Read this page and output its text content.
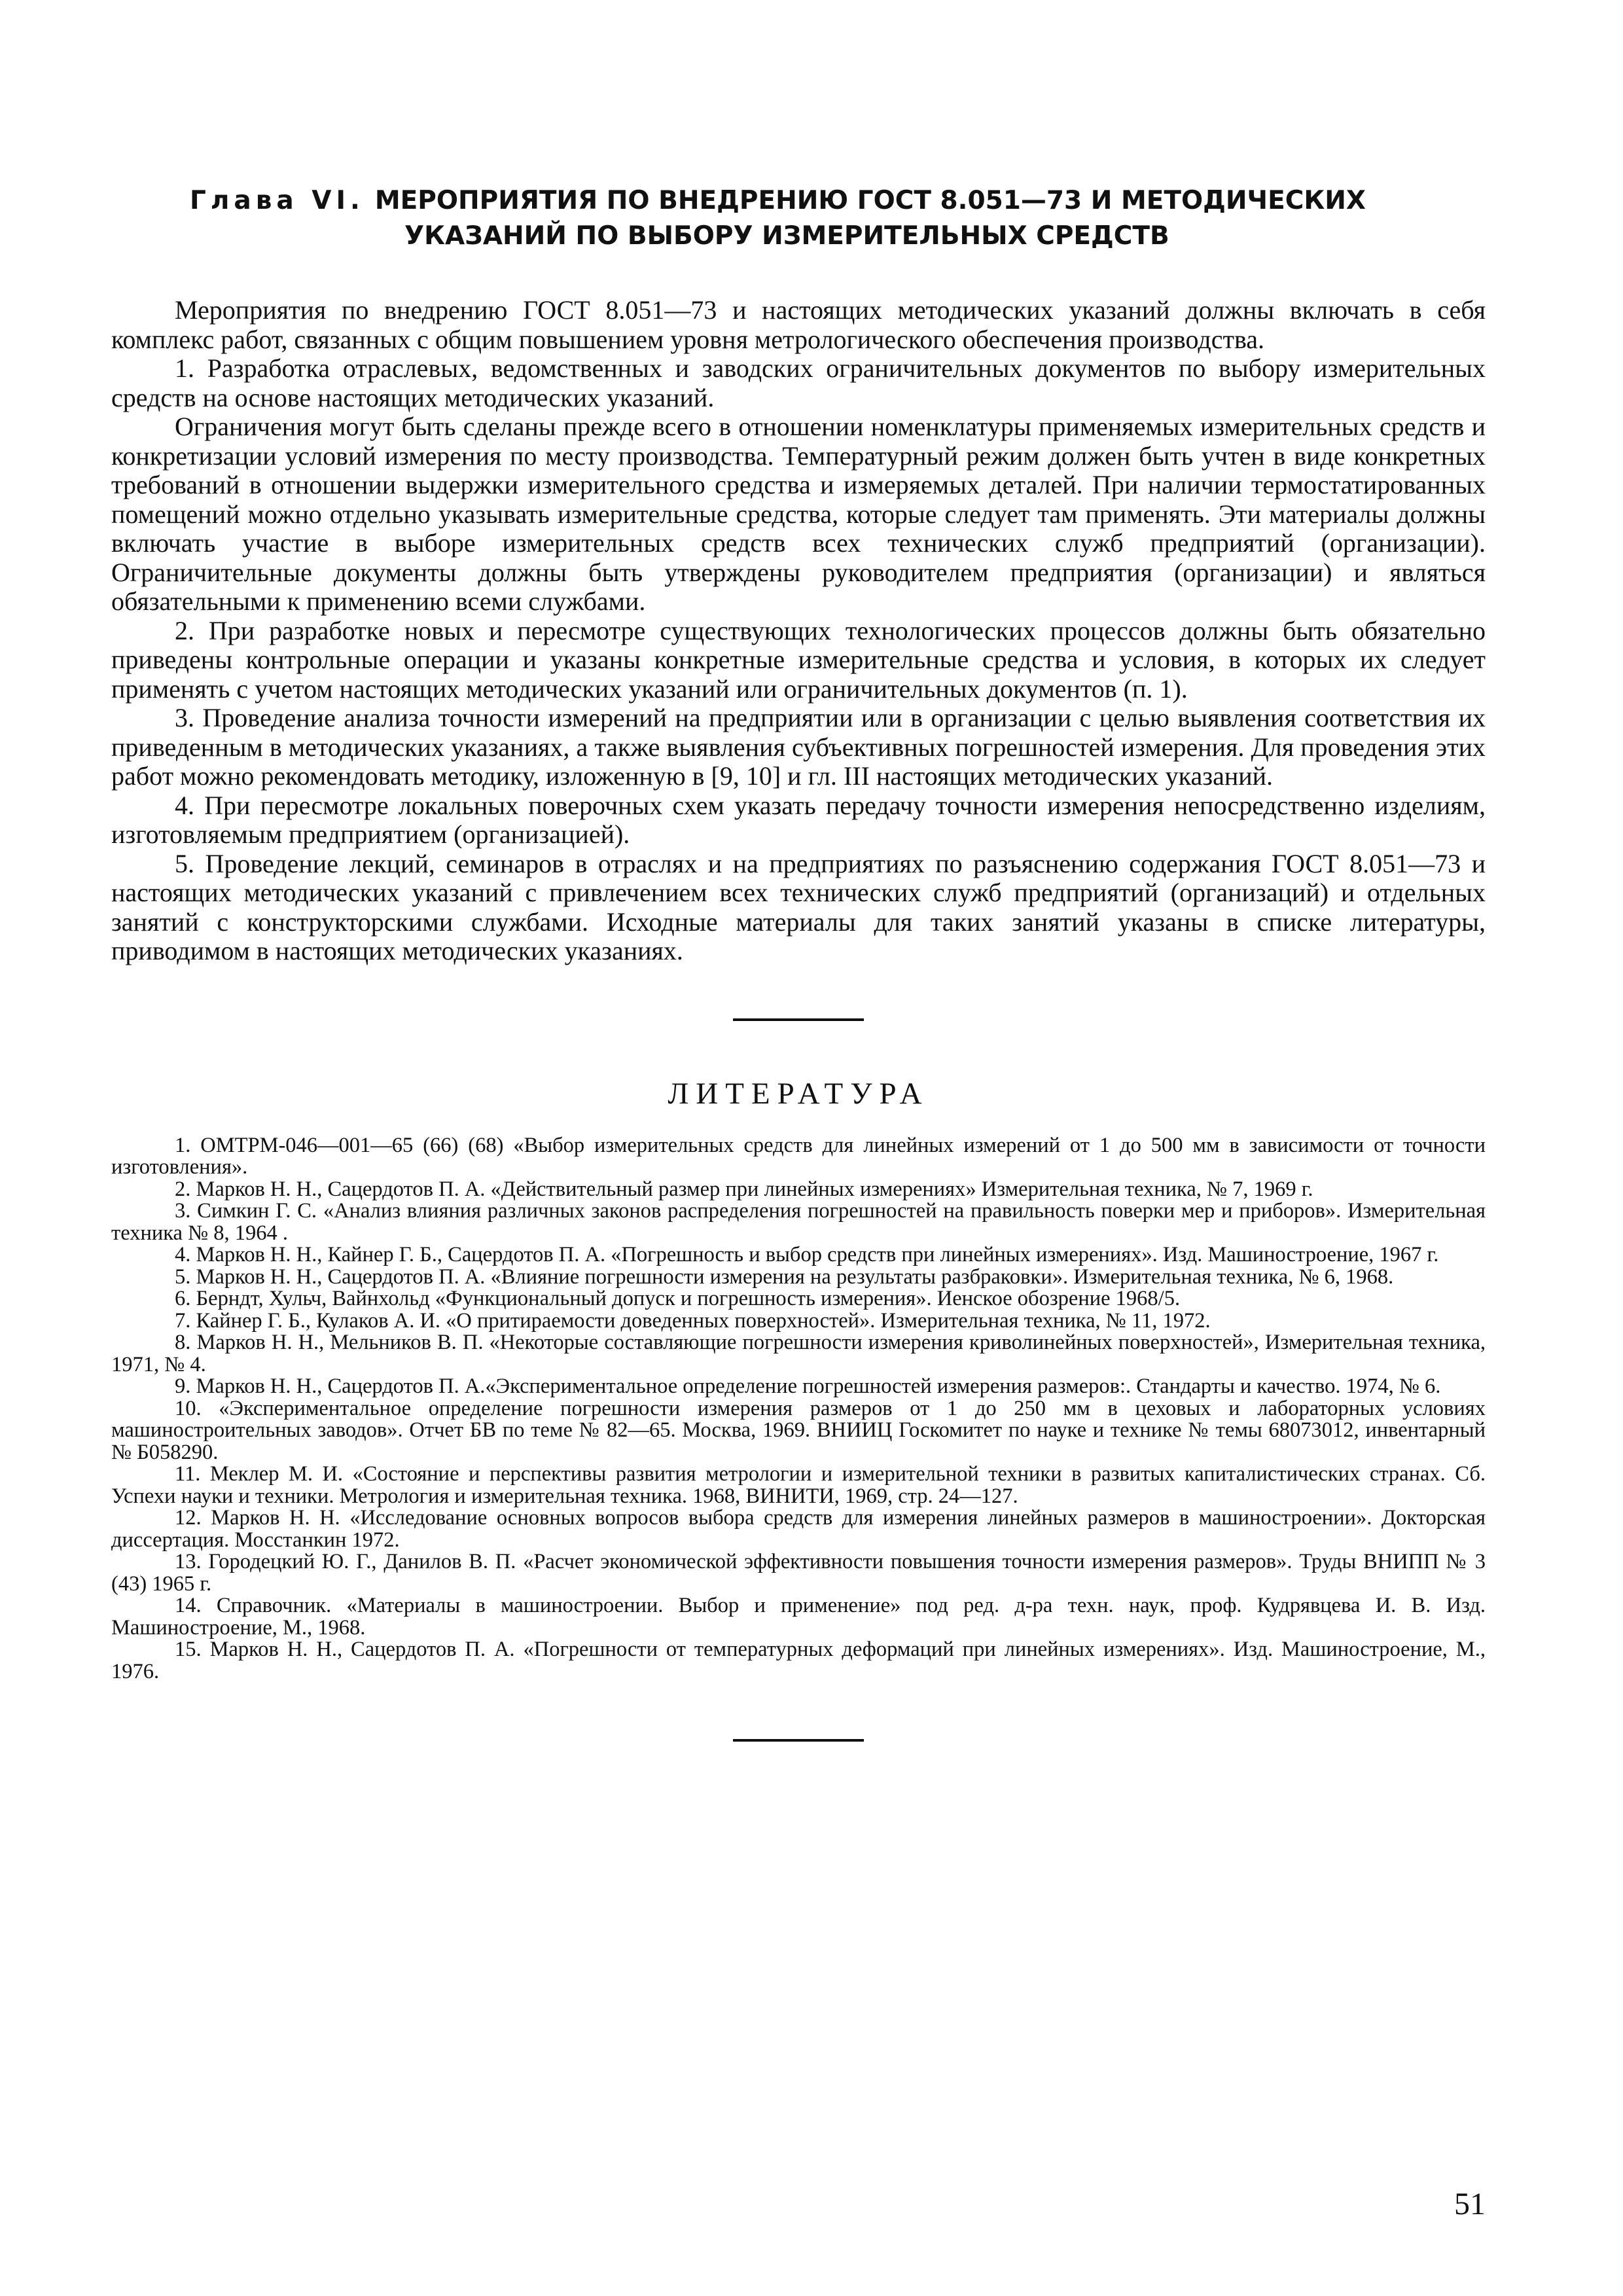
Глава VI. МЕРОПРИЯТИЯ ПО ВНЕДРЕНИЮ ГОСТ 8.051—73 И МЕТОДИЧЕСКИХ
УКАЗАНИЙ ПО ВЫБОРУ ИЗМЕРИТЕЛЬНЫХ СРЕДСТВ

Мероприятия по внедрению ГОСТ 8.051—73 и настоящих методических указаний должны включать в себя комплекс работ, связанных с общим повышением уровня метрологического обеспечения производства.

1. Разработка отраслевых, ведомственных и заводских ограничительных документов по выбору измерительных средств на основе настоящих методических указаний.

Ограничения могут быть сделаны прежде всего в отношении номенклатуры применяемых измерительных средств и конкретизации условий измерения по месту производства. Температурный режим должен быть учтен в виде конкретных требований в отношении выдержки измерительного средства и измеряемых деталей. При наличии термостатированных помещений можно отдельно указывать измерительные средства, которые следует там применять. Эти материалы должны включать участие в выборе измерительных средств всех технических служб предприятий (организации). Ограничительные документы должны быть утверждены руководителем предприятия (организации) и являться обязательными к применению всеми службами.

2. При разработке новых и пересмотре существующих технологических процессов должны быть обязательно приведены контрольные операции и указаны конкретные измерительные средства и условия, в которых их следует применять с учетом настоящих методических указаний или ограничительных документов (п. 1).

3. Проведение анализа точности измерений на предприятии или в организации с целью выявления соответствия их приведенным в методических указаниях, а также выявления субъективных погрешностей измерения. Для проведения этих работ можно рекомендовать методику, изложенную в [9, 10] и гл. III настоящих методических указаний.

4. При пересмотре локальных поверочных схем указать передачу точности измерения непосредственно изделиям, изготовляемым предприятием (организацией).

5. Проведение лекций, семинаров в отраслях и на предприятиях по разъяснению содержания ГОСТ 8.051—73 и настоящих методических указаний с привлечением всех технических служб предприятий (организаций) и отдельных занятий с конструкторскими службами. Исходные материалы для таких занятий указаны в списке литературы, приводимом в настоящих методических указаниях.

ЛИТЕРАТУРА
1. ОМТРМ-046—001—65 (66) (68) «Выбор измерительных средств для линейных измерений от 1 до 500 мм в зависимости от точности изготовления».
2. Марков Н. Н., Сацердотов П. А. «Действительный размер при линейных измерениях» Измерительная техника, № 7, 1969 г.
3. Симкин Г. С. «Анализ влияния различных законов распределения погрешностей на правильность поверки мер и приборов». Измерительная техника № 8, 1964 .
4. Марков Н. Н., Кайнер Г. Б., Сацердотов П. А. «Погрешность и выбор средств при линейных измерениях». Изд. Машиностроение, 1967 г.
5. Марков Н. Н., Сацердотов П. А. «Влияние погрешности измерения на результаты разбраковки». Измерительная техника, № 6, 1968.
6. Берндт, Хульч, Вайнхольд «Функциональный допуск и погрешность измерения». Иенское обозрение 1968/5.
7. Кайнер Г. Б., Кулаков А. И. «О притираемости доведенных поверхностей». Измерительная техника, № 11, 1972.
8. Марков Н. Н., Мельников В. П. «Некоторые составляющие погрешности измерения криволинейных поверхностей», Измерительная техника, 1971, № 4.
9. Марков Н. Н., Сацердотов П. А.«Экспериментальное определение погрешностей измерения размеров:. Стандарты и качество. 1974, № 6.
10. «Экспериментальное определение погрешности измерения размеров от 1 до 250 мм в цеховых и лабораторных условиях машиностроительных заводов». Отчет БВ по теме № 82—65. Москва, 1969. ВНИИЦ Госкомитет по науке и технике № темы 68073012, инвентарный № Б058290.
11. Меклер М. И. «Состояние и перспективы развития метрологии и измерительной техники в развитых капиталистических странах. Сб. Успехи науки и техники. Метрология и измерительная техника. 1968, ВИНИТИ, 1969, стр. 24—127.
12. Марков Н. Н. «Исследование основных вопросов выбора средств для измерения линейных размеров в машиностроении». Докторская диссертация. Мосстанкин 1972.
13. Городецкий Ю. Г., Данилов В. П. «Расчет экономической эффективности повышения точности измерения размеров». Труды ВНИПП № 3 (43) 1965 г.
14. Справочник. «Материалы в машиностроении. Выбор и применение» под ред. д-ра техн. наук, проф. Кудрявцева И. В. Изд. Машиностроение, М., 1968.
15. Марков Н. Н., Сацердотов П. А. «Погрешности от температурных деформаций при линейных измерениях». Изд. Машиностроение, М., 1976.
51
